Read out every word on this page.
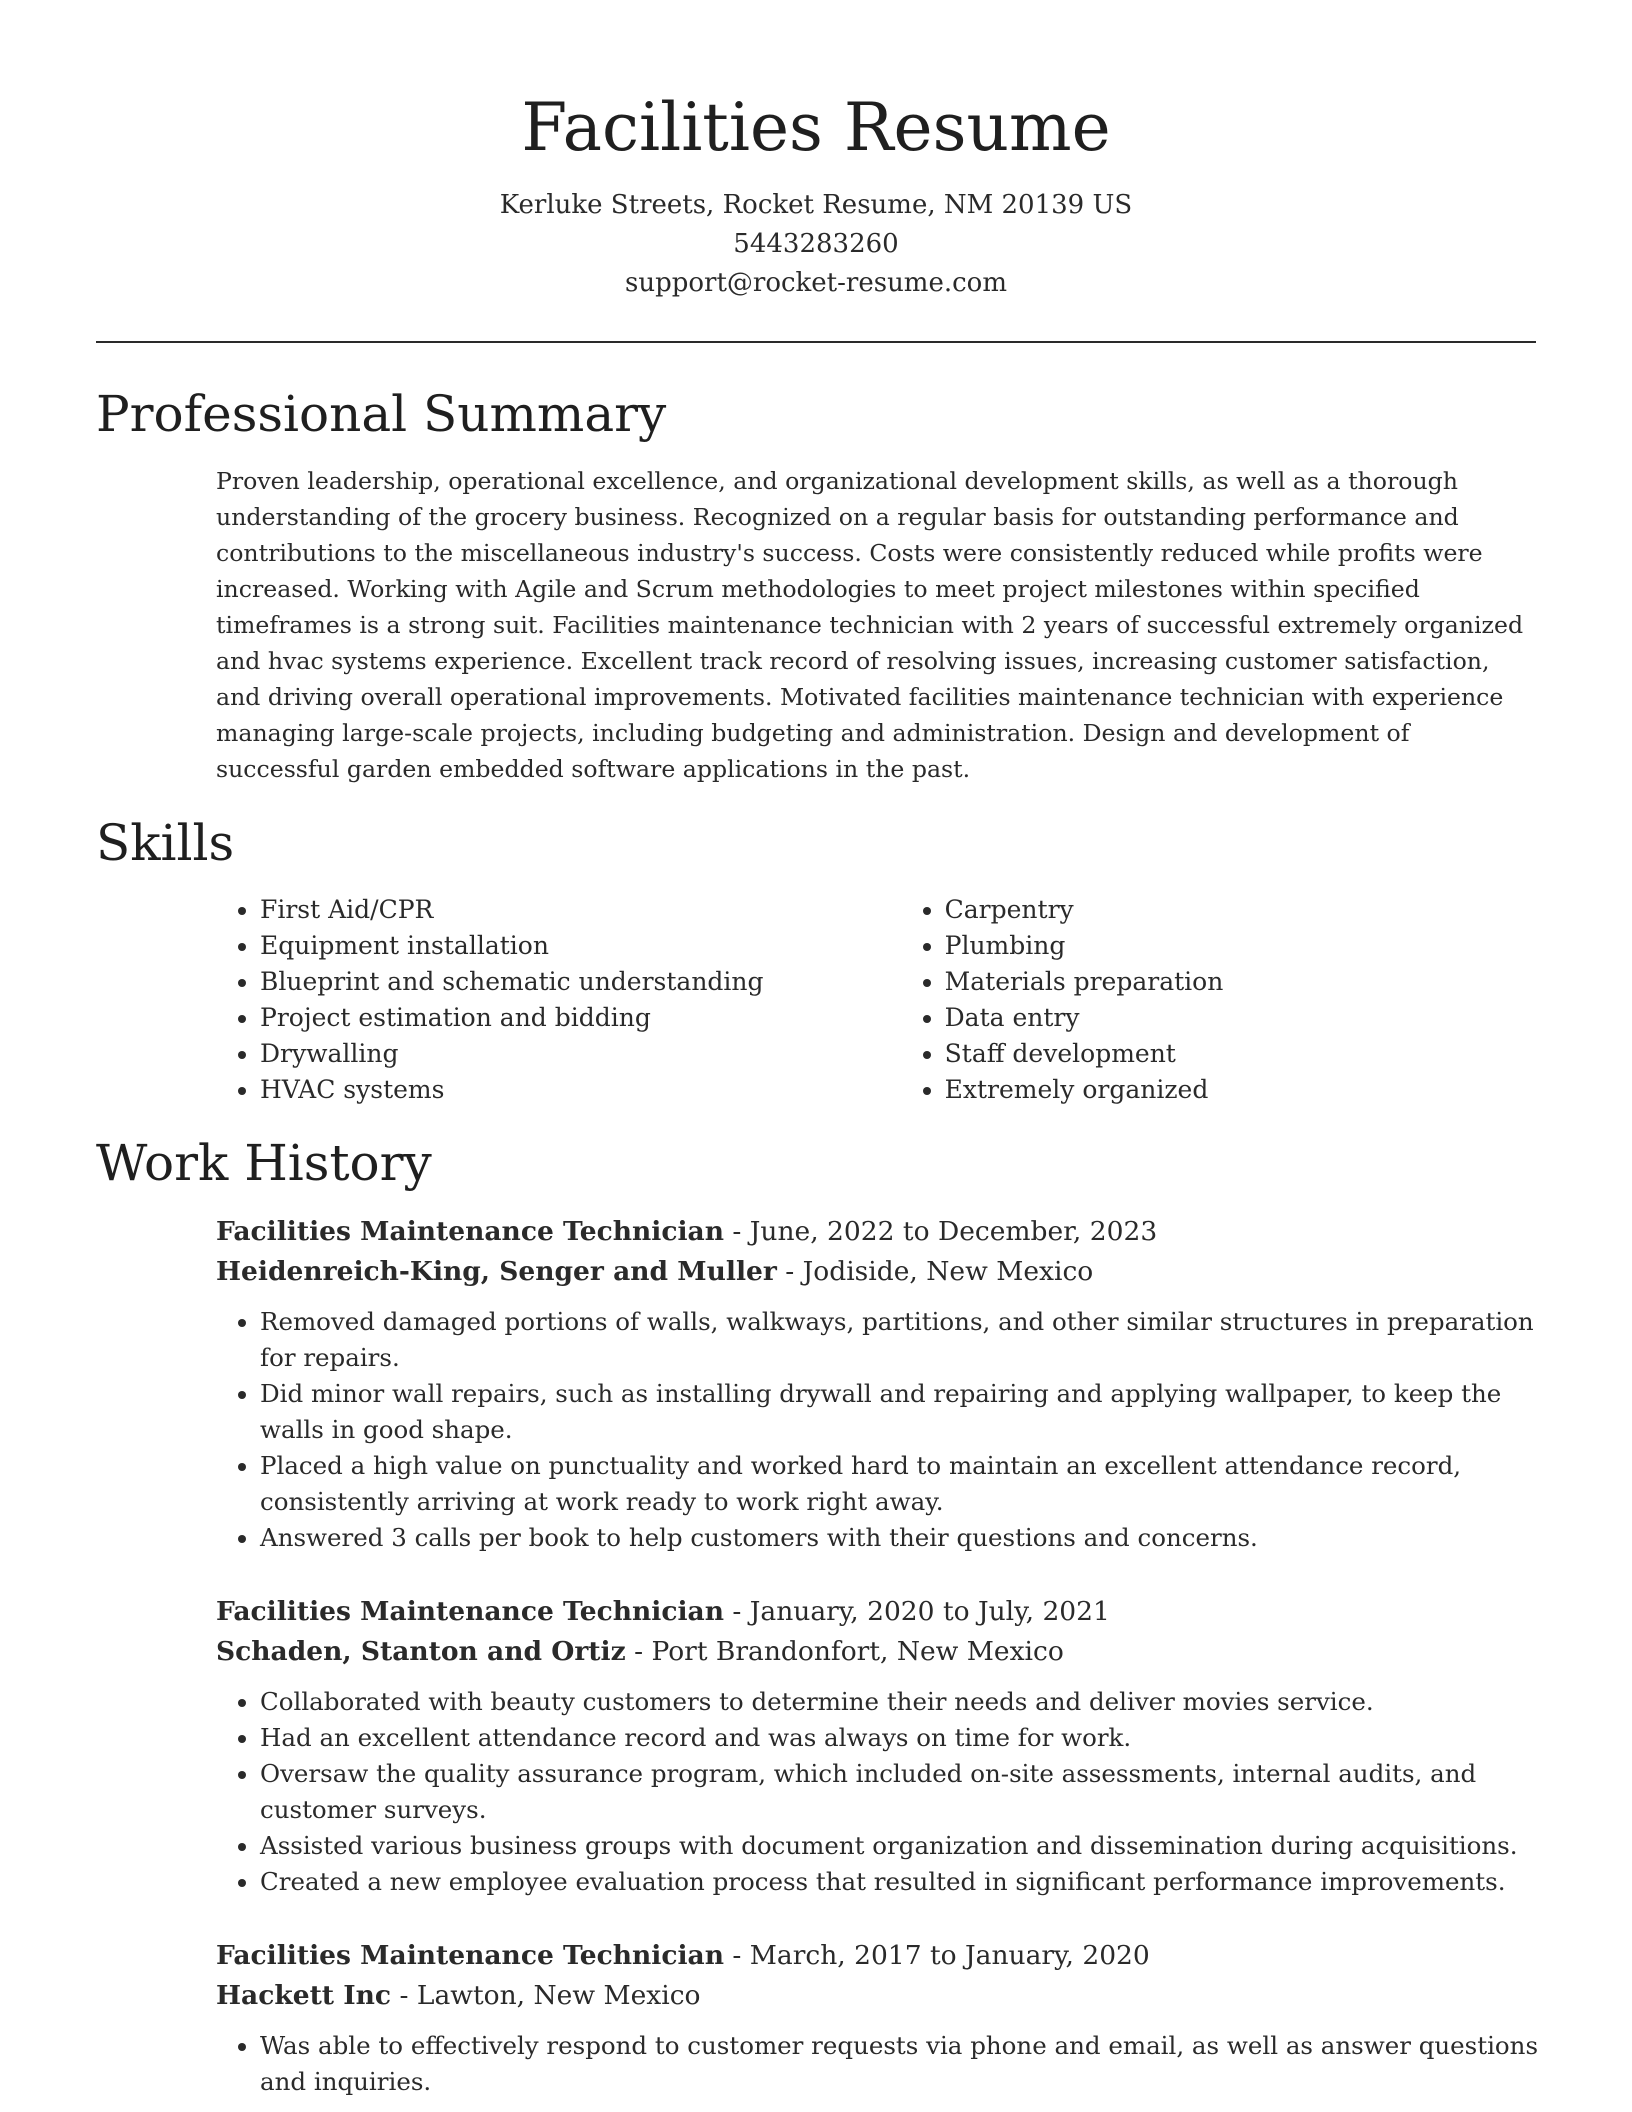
Facilities Resume
Kerluke Streets, Rocket Resume, NM 20139 US
5443283260
support@rocket-resume.com
Professional Summary

Proven leadership, operational excellence, and organizational development skills, as well as a thorough understanding of the grocery business. Recognized on a regular basis for outstanding performance and contributions to the miscellaneous industry's success. Costs were consistently reduced while profits were increased. Working with Agile and Scrum methodologies to meet project milestones within specified timeframes is a strong suit. Facilities maintenance technician with 2 years of successful extremely organized and hvac systems experience. Excellent track record of resolving issues, increasing customer satisfaction, and driving overall operational improvements. Motivated facilities maintenance technician with experience managing large-scale projects, including budgeting and administration. Design and development of successful garden embedded software applications in the past.

Skills
• First Aid/CPR
• Equipment installation
• Blueprint and schematic understanding
• Project estimation and bidding
• Drywalling
• HVAC systems
• Carpentry
• Plumbing
• Materials preparation
• Data entry
• Staff development
• Extremely organized
Work History
Facilities Maintenance Technician - June, 2022 to December, 2023
Heidenreich-King, Senger and Muller - Jodiside, New Mexico
• Removed damaged portions of walls, walkways, partitions, and other similar structures in preparation for repairs.
• Did minor wall repairs, such as installing drywall and repairing and applying wallpaper, to keep the walls in good shape.
• Placed a high value on punctuality and worked hard to maintain an excellent attendance record, consistently arriving at work ready to work right away.
• Answered 3 calls per book to help customers with their questions and concerns.
Facilities Maintenance Technician - January, 2020 to July, 2021
Schaden, Stanton and Ortiz - Port Brandonfort, New Mexico
• Collaborated with beauty customers to determine their needs and deliver movies service.
• Had an excellent attendance record and was always on time for work.
• Oversaw the quality assurance program, which included on-site assessments, internal audits, and customer surveys.
• Assisted various business groups with document organization and dissemination during acquisitions.
• Created a new employee evaluation process that resulted in significant performance improvements.
Facilities Maintenance Technician - March, 2017 to January, 2020
Hackett Inc - Lawton, New Mexico
• Was able to effectively respond to customer requests via phone and email, as well as answer questions and inquiries.
